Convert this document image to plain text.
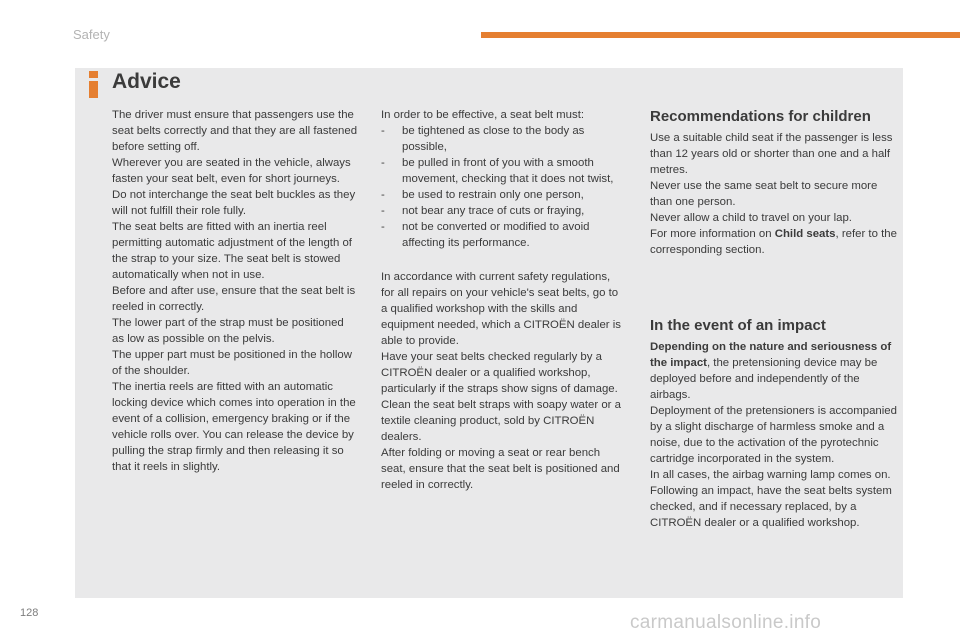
Safety
Advice

The driver must ensure that passengers use the seat belts correctly and that they are all fastened before setting off.

Wherever you are seated in the vehicle, always fasten your seat belt, even for short journeys.

Do not interchange the seat belt buckles as they will not fulfill their role fully.

The seat belts are fitted with an inertia reel permitting automatic adjustment of the length of the strap to your size. The seat belt is stowed automatically when not in use.

Before and after use, ensure that the seat belt is reeled in correctly.

The lower part of the strap must be positioned as low as possible on the pelvis.

The upper part must be positioned in the hollow of the shoulder.

The inertia reels are fitted with an automatic locking device which comes into operation in the event of a collision, emergency braking or if the vehicle rolls over. You can release the device by pulling the strap firmly and then releasing it so that it reels in slightly.

In order to be effective, a seat belt must:

- be tightened as close to the body as possible,
- be pulled in front of you with a smooth movement, checking that it does not twist,
- be used to restrain only one person,
- not bear any trace of cuts or fraying,
- not be converted or modified to avoid affecting its performance.

In accordance with current safety regulations, for all repairs on your vehicle's seat belts, go to a qualified workshop with the skills and equipment needed, which a CITROËN dealer is able to provide.

Have your seat belts checked regularly by a CITROËN dealer or a qualified workshop, particularly if the straps show signs of damage.

Clean the seat belt straps with soapy water or a textile cleaning product, sold by CITROËN dealers.

After folding or moving a seat or rear bench seat, ensure that the seat belt is positioned and reeled in correctly.

Recommendations for children

Use a suitable child seat if the passenger is less than 12 years old or shorter than one and a half metres.

Never use the same seat belt to secure more than one person.

Never allow a child to travel on your lap.

For more information on Child seats, refer to the corresponding section.

In the event of an impact

Depending on the nature and seriousness of the impact, the pretensioning device may be deployed before and independently of the airbags.

Deployment of the pretensioners is accompanied by a slight discharge of harmless smoke and a noise, due to the activation of the pyrotechnic cartridge incorporated in the system.

In all cases, the airbag warning lamp comes on.

Following an impact, have the seat belts system checked, and if necessary replaced, by a CITROËN dealer or a qualified workshop.

128	carmanualsonline.info
